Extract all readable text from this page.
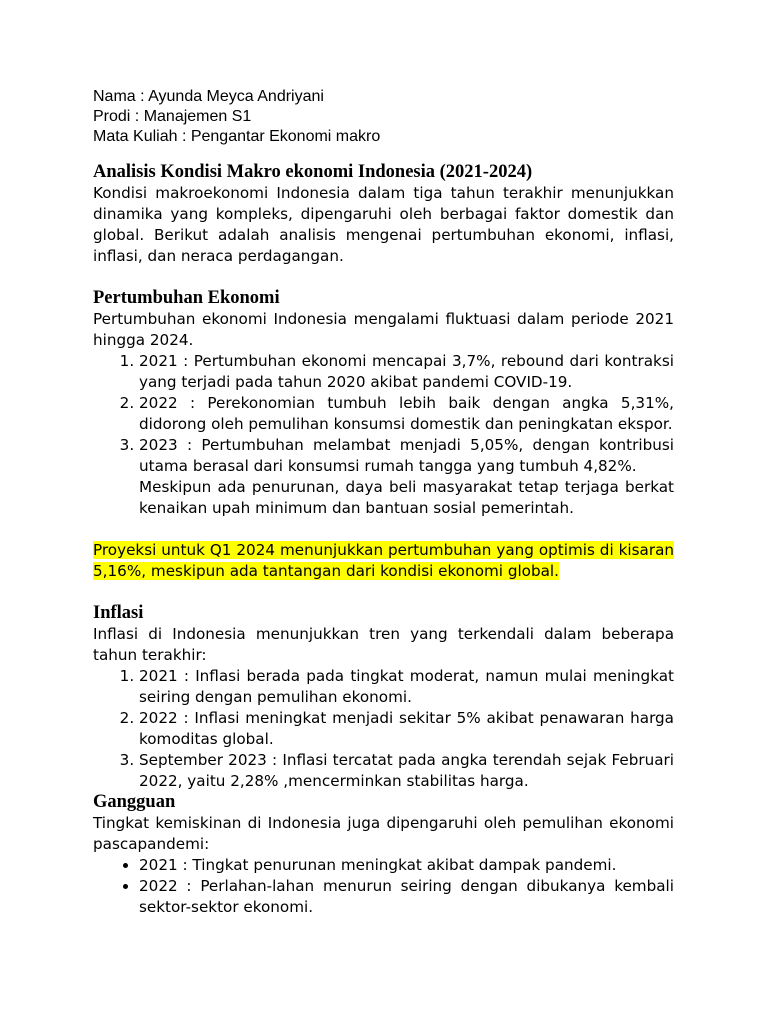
Nama : Ayunda Meyca Andriyani

Prodi : Manajemen S1

Mata Kuliah : Pengantar Ekonomi makro

Analisis Kondisi Makro ekonomi Indonesia (2021-2024)

Kondisi makroekonomi Indonesia dalam tiga tahun terakhir menunjukkan dinamika yang kompleks, dipengaruhi oleh berbagai faktor domestik dan global. Berikut adalah analisis mengenai pertumbuhan ekonomi, inflasi, inflasi, dan neraca perdagangan.

Pertumbuhan Ekonomi

Pertumbuhan ekonomi Indonesia mengalami fluktuasi dalam periode 2021 hingga 2024.

1. 2021 : Pertumbuhan ekonomi mencapai 3,7%, rebound dari kontraksi yang terjadi pada tahun 2020 akibat pandemi COVID-19.
2. 2022 : Perekonomian tumbuh lebih baik dengan angka 5,31%, didorong oleh pemulihan konsumsi domestik dan peningkatan ekspor.
3. 2023 : Pertumbuhan melambat menjadi 5,05%, dengan kontribusi utama berasal dari konsumsi rumah tangga yang tumbuh 4,82%.
Meskipun ada penurunan, daya beli masyarakat tetap terjaga berkat kenaikan upah minimum dan bantuan sosial pemerintah.

Proyeksi untuk Q1 2024 menunjukkan pertumbuhan yang optimis di kisaran 5,16%, meskipun ada tantangan dari kondisi ekonomi global.

Inflasi

Inflasi di Indonesia menunjukkan tren yang terkendali dalam beberapa tahun terakhir:

1. 2021 : Inflasi berada pada tingkat moderat, namun mulai meningkat seiring dengan pemulihan ekonomi.
2. 2022 : Inflasi meningkat menjadi sekitar 5% akibat penawaran harga komoditas global.
3. September 2023 : Inflasi tercatat pada angka terendah sejak Februari 2022, yaitu 2,28% ,mencerminkan stabilitas harga.
Gangguan

Tingkat kemiskinan di Indonesia juga dipengaruhi oleh pemulihan ekonomi pascapandemi:

• 2021 : Tingkat penurunan meningkat akibat dampak pandemi.
• 2022 : Perlahan-lahan menurun seiring dengan dibukanya kembali sektor-sektor ekonomi.
